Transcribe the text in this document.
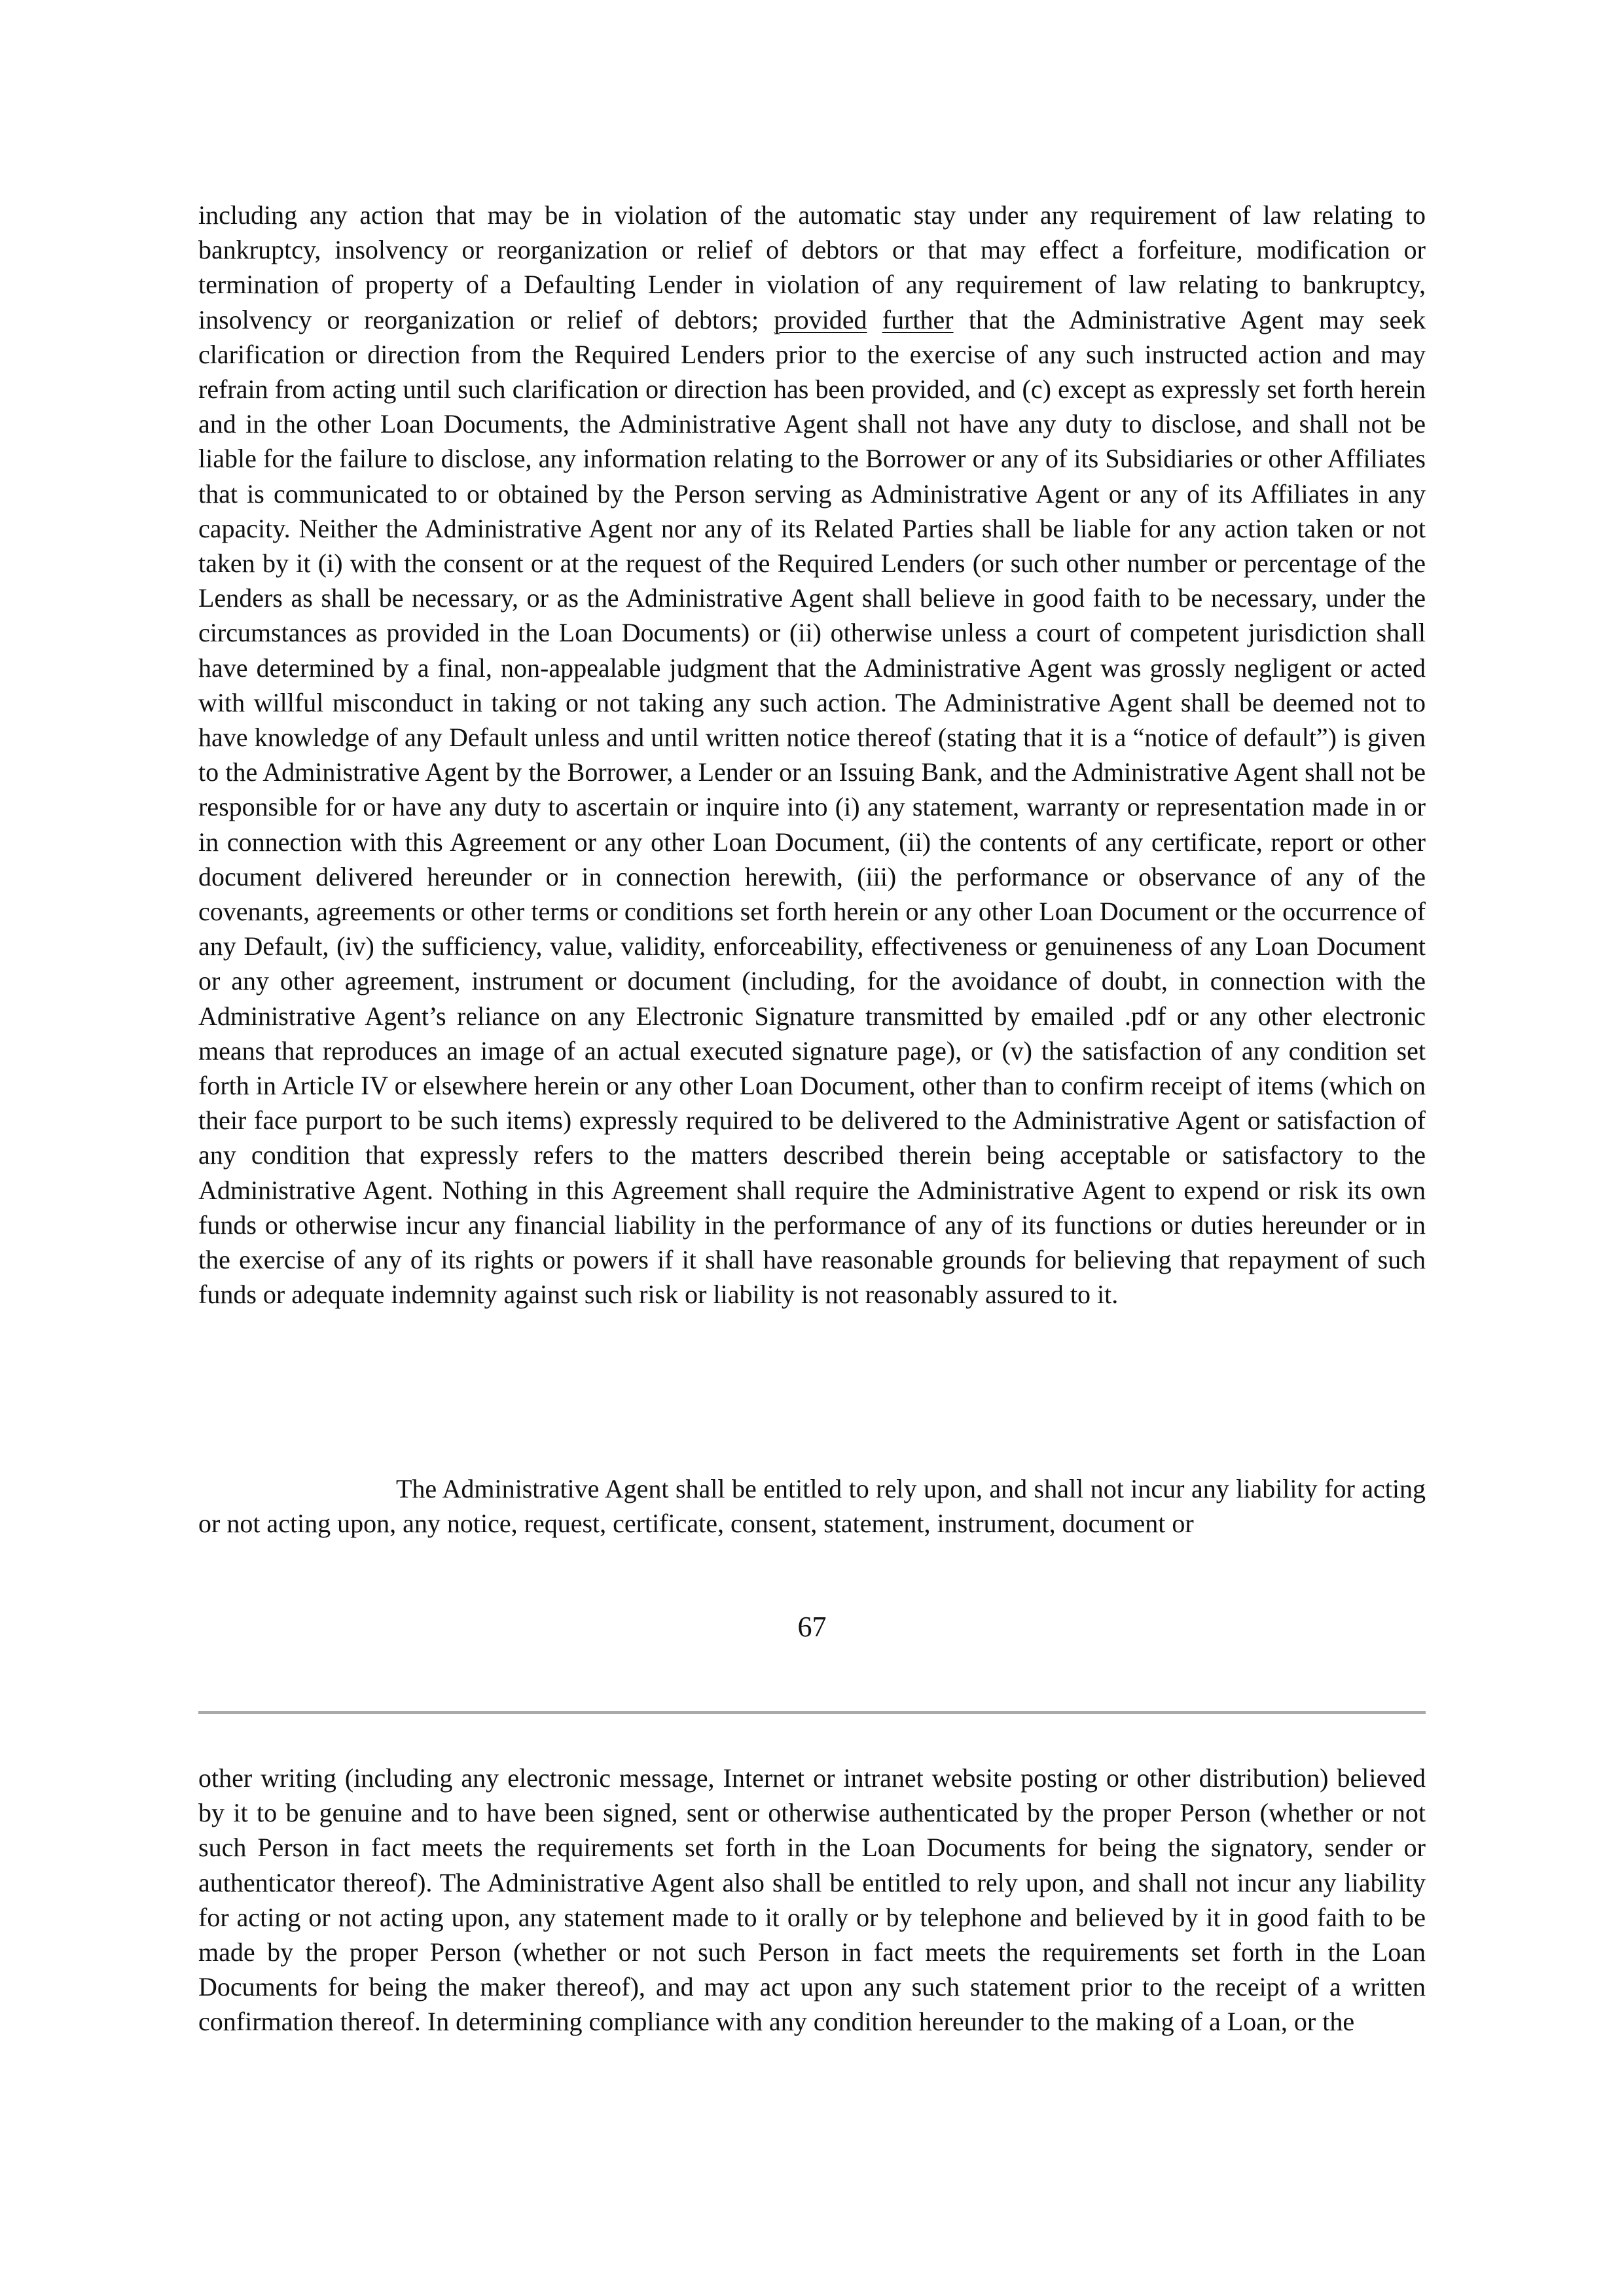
including any action that may be in violation of the automatic stay under any requirement of law relating to bankruptcy, insolvency or reorganization or relief of debtors or that may effect a forfeiture, modification or termination of property of a Defaulting Lender in violation of any requirement of law relating to bankruptcy, insolvency or reorganization or relief of debtors; provided further that the Administrative Agent may seek clarification or direction from the Required Lenders prior to the exercise of any such instructed action and may refrain from acting until such clarification or direction has been provided, and (c) except as expressly set forth herein and in the other Loan Documents, the Administrative Agent shall not have any duty to disclose, and shall not be liable for the failure to disclose, any information relating to the Borrower or any of its Subsidiaries or other Affiliates that is communicated to or obtained by the Person serving as Administrative Agent or any of its Affiliates in any capacity. Neither the Administrative Agent nor any of its Related Parties shall be liable for any action taken or not taken by it (i) with the consent or at the request of the Required Lenders (or such other number or percentage of the Lenders as shall be necessary, or as the Administrative Agent shall believe in good faith to be necessary, under the circumstances as provided in the Loan Documents) or (ii) otherwise unless a court of competent jurisdiction shall have determined by a final, non-appealable judgment that the Administrative Agent was grossly negligent or acted with willful misconduct in taking or not taking any such action. The Administrative Agent shall be deemed not to have knowledge of any Default unless and until written notice thereof (stating that it is a “notice of default”) is given to the Administrative Agent by the Borrower, a Lender or an Issuing Bank, and the Administrative Agent shall not be responsible for or have any duty to ascertain or inquire into (i) any statement, warranty or representation made in or in connection with this Agreement or any other Loan Document, (ii) the contents of any certificate, report or other document delivered hereunder or in connection herewith, (iii) the performance or observance of any of the covenants, agreements or other terms or conditions set forth herein or any other Loan Document or the occurrence of any Default, (iv) the sufficiency, value, validity, enforceability, effectiveness or genuineness of any Loan Document or any other agreement, instrument or document (including, for the avoidance of doubt, in connection with the Administrative Agent’s reliance on any Electronic Signature transmitted by emailed .pdf or any other electronic means that reproduces an image of an actual executed signature page), or (v) the satisfaction of any condition set forth in Article IV or elsewhere herein or any other Loan Document, other than to confirm receipt of items (which on their face purport to be such items) expressly required to be delivered to the Administrative Agent or satisfaction of any condition that expressly refers to the matters described therein being acceptable or satisfactory to the Administrative Agent. Nothing in this Agreement shall require the Administrative Agent to expend or risk its own funds or otherwise incur any financial liability in the performance of any of its functions or duties hereunder or in the exercise of any of its rights or powers if it shall have reasonable grounds for believing that repayment of such funds or adequate indemnity against such risk or liability is not reasonably assured to it.

The Administrative Agent shall be entitled to rely upon, and shall not incur any liability for acting or not acting upon, any notice, request, certificate, consent, statement, instrument, document or

67

other writing (including any electronic message, Internet or intranet website posting or other distribution) believed by it to be genuine and to have been signed, sent or otherwise authenticated by the proper Person (whether or not such Person in fact meets the requirements set forth in the Loan Documents for being the signatory, sender or authenticator thereof). The Administrative Agent also shall be entitled to rely upon, and shall not incur any liability for acting or not acting upon, any statement made to it orally or by telephone and believed by it in good faith to be made by the proper Person (whether or not such Person in fact meets the requirements set forth in the Loan Documents for being the maker thereof), and may act upon any such statement prior to the receipt of a written confirmation thereof. In determining compliance with any condition hereunder to the making of a Loan, or the
